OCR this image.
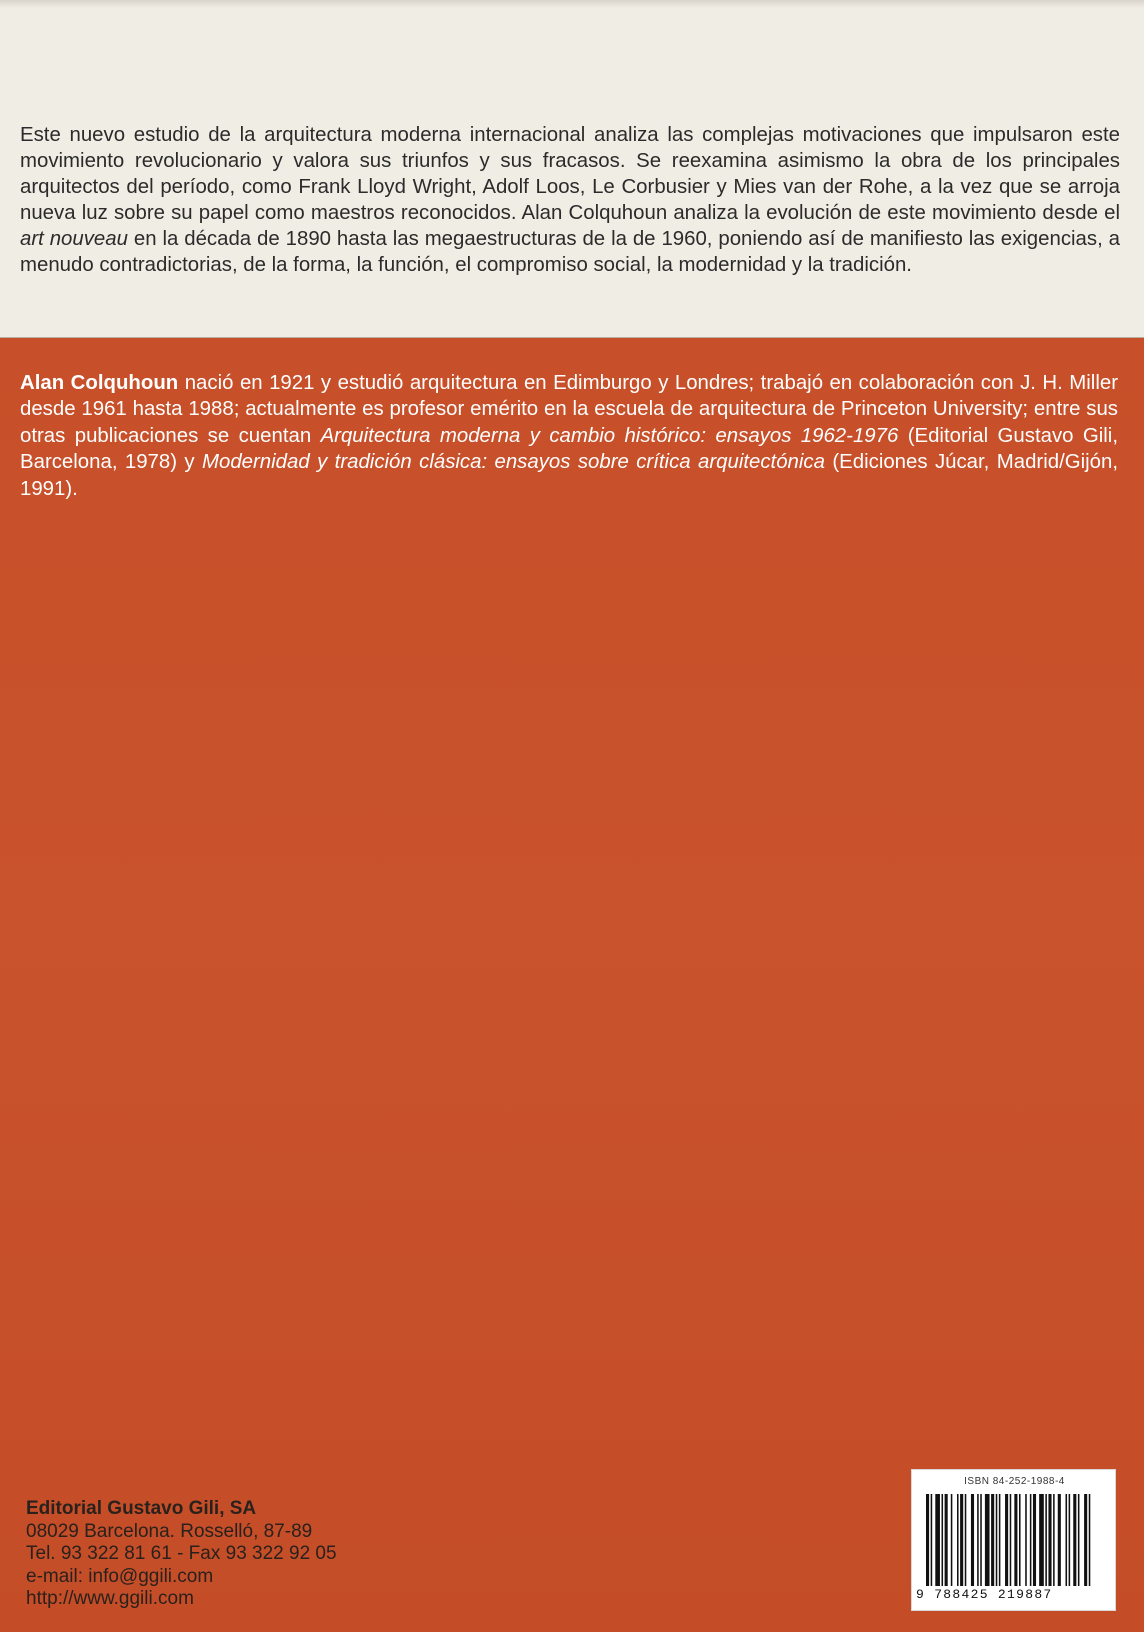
Este nuevo estudio de la arquitectura moderna internacional analiza las complejas motivaciones que impulsaron este movimiento revolucionario y valora sus triunfos y sus fracasos. Se reexamina asimismo la obra de los principales arquitectos del período, como Frank Lloyd Wright, Adolf Loos, Le Corbusier y Mies van der Rohe, a la vez que se arroja nueva luz sobre su papel como maestros reconocidos. Alan Colquhoun analiza la evolución de este movimiento desde el art nouveau en la década de 1890 hasta las megaestructuras de la de 1960, poniendo así de manifiesto las exigencias, a menudo contradictorias, de la forma, la función, el compromiso social, la modernidad y la tradición.

Alan Colquhoun nació en 1921 y estudió arquitectura en Edimburgo y Londres; trabajó en colaboración con J. H. Miller desde 1961 hasta 1988; actualmente es profesor emérito en la escuela de arquitectura de Princeton University; entre sus otras publicaciones se cuentan Arquitectura moderna y cambio histórico: ensayos 1962-1976 (Editorial Gustavo Gili, Barcelona, 1978) y Modernidad y tradición clásica: ensayos sobre crítica arquitectónica (Ediciones Júcar, Madrid/Gijón, 1991).

Editorial Gustavo Gili, SA
08029 Barcelona. Rosselló, 87-89
Tel. 93 322 81 61 - Fax 93 322 92 05
e-mail: info@ggili.com
http://www.ggili.com
ISBN 84-252-1988-4
9 788425 219887
